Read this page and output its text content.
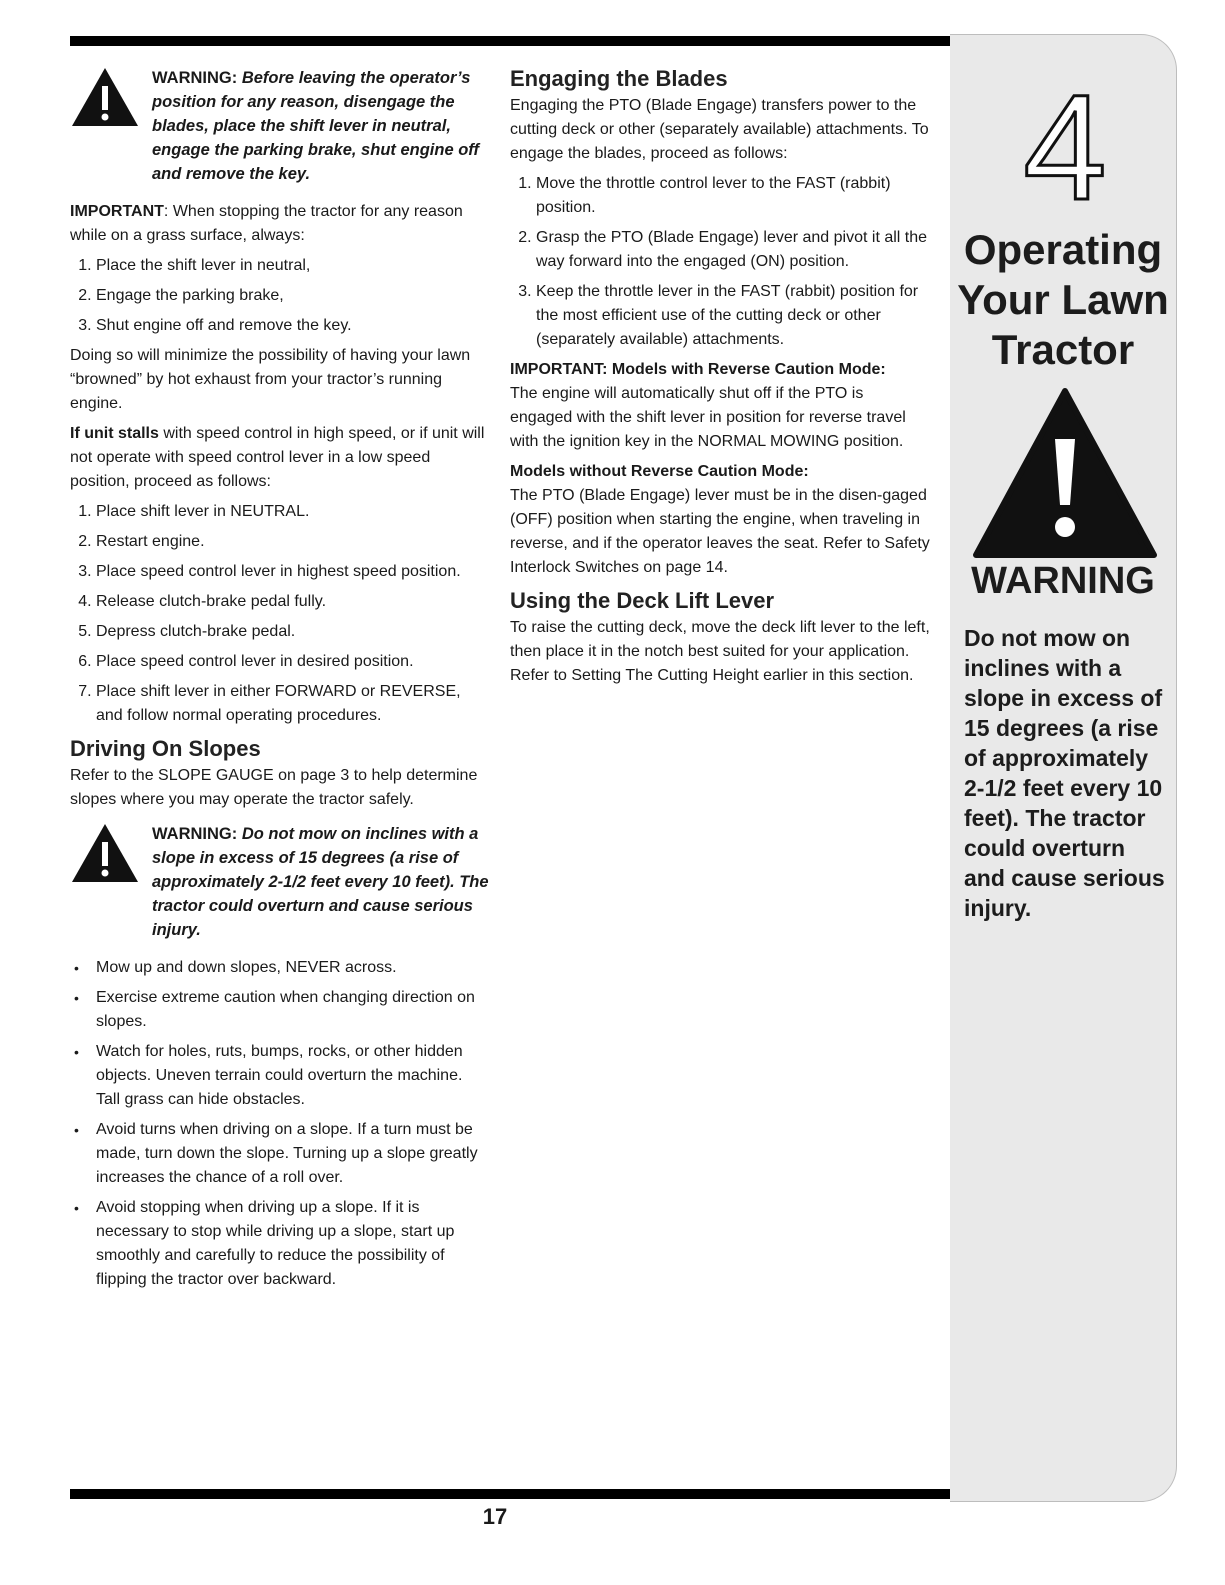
WARNING: Before leaving the operator’s position for any reason, disengage the blades, place the shift lever in neutral, engage the parking brake, shut engine off and remove the key.

IMPORTANT: When stopping the tractor for any reason while on a grass surface, always:

1. Place the shift lever in neutral,
2. Engage the parking brake,
3. Shut engine off and remove the key.

Doing so will minimize the possibility of having your lawn “browned” by hot exhaust from your tractor’s running engine.

If unit stalls with speed control in high speed, or if unit will not operate with speed control lever in a low speed position, proceed as follows:

1. Place shift lever in NEUTRAL.
2. Restart engine.
3. Place speed control lever in highest speed position.
4. Release clutch-brake pedal fully.
5. Depress clutch-brake pedal.
6. Place speed control lever in desired position.
7. Place shift lever in either FORWARD or REVERSE, and follow normal operating procedures.
Driving On Slopes

Refer to the SLOPE GAUGE on page 3 to help determine slopes where you may operate the tractor safely.

WARNING: Do not mow on inclines with a slope in excess of 15 degrees (a rise of approximately 2-1/2 feet every 10 feet). The tractor could overturn and cause serious injury.

• Mow up and down slopes, NEVER across.
• Exercise extreme caution when changing direction on slopes.
• Watch for holes, ruts, bumps, rocks, or other hidden objects. Uneven terrain could overturn the machine. Tall grass can hide obstacles.
• Avoid turns when driving on a slope. If a turn must be made, turn down the slope. Turning up a slope greatly increases the chance of a roll over.
• Avoid stopping when driving up a slope. If it is necessary to stop while driving up a slope, start up smoothly and carefully to reduce the possibility of flipping the tractor over backward.
Engaging the Blades

Engaging the PTO (Blade Engage) transfers power to the cutting deck or other (separately available) attachments. To engage the blades, proceed as follows:

1. Move the throttle control lever to the FAST (rabbit) position.
2. Grasp the PTO (Blade Engage) lever and pivot it all the way forward into the engaged (ON) position.
3. Keep the throttle lever in the FAST (rabbit) position for the most efficient use of the cutting deck or other (separately available) attachments.

IMPORTANT: Models with Reverse Caution Mode:

The engine will automatically shut off if the PTO is engaged with the shift lever in position for reverse travel with the ignition key in the NORMAL MOWING position.

Models without Reverse Caution Mode:

The PTO (Blade Engage) lever must be in the disen-gaged (OFF) position when starting the engine, when traveling in reverse, and if the operator leaves the seat. Refer to Safety Interlock Switches on page 14.

Using the Deck Lift Lever

To raise the cutting deck, move the deck lift lever to the left, then place it in the notch best suited for your application. Refer to Setting The Cutting Height earlier in this section.

4
Operating
Your Lawn
Tractor
WARNING
Do not mow on inclines with a slope in excess of 15 degrees (a rise of approximately 2-1/2 feet every 10 feet). The tractor could overturn and cause serious injury.
17
